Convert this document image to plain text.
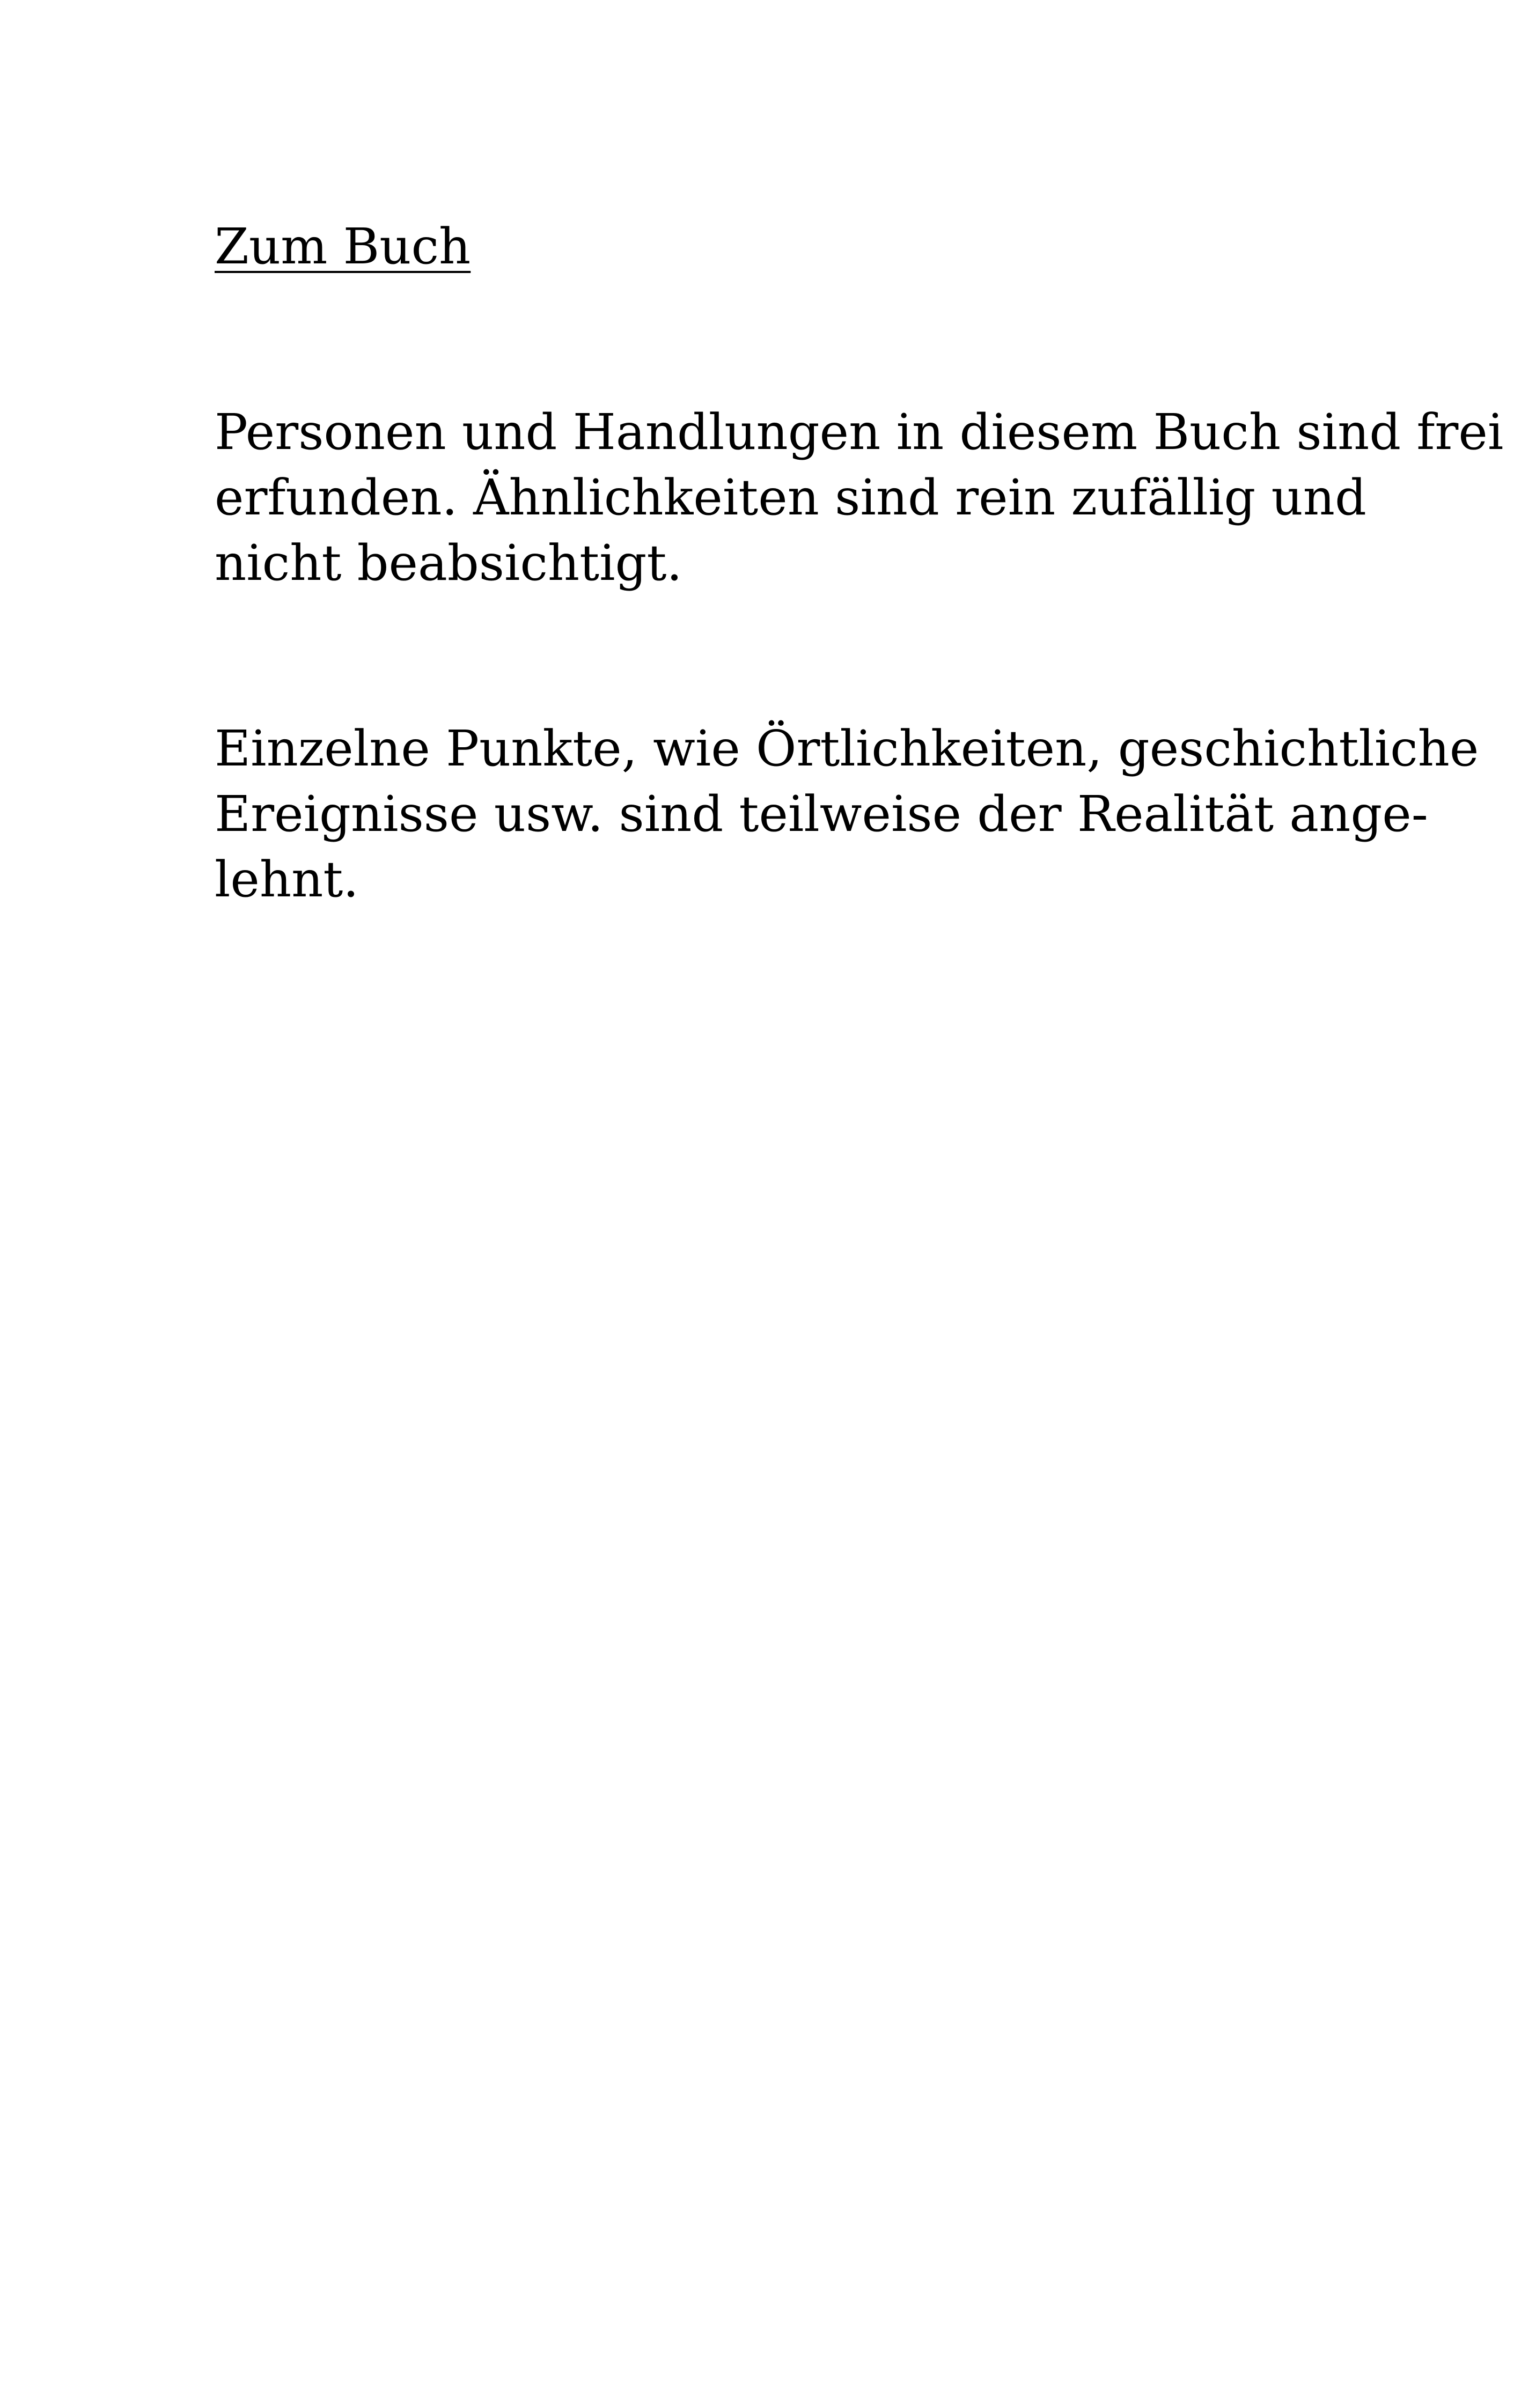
Zum Buch
Personen und Handlungen in diesem Buch sind frei
erfunden. Ähnlichkeiten sind rein zufällig und
nicht beabsichtigt.
Einzelne Punkte, wie Örtlichkeiten, geschichtliche
Ereignisse usw. sind teilweise der Realität ange-
lehnt.
